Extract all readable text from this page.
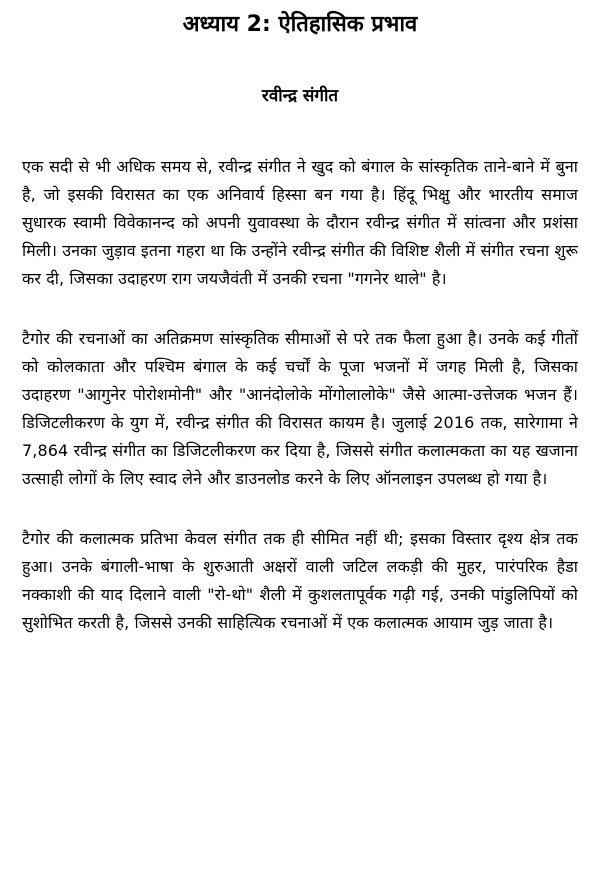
अध्याय 2: ऐतिहासिक प्रभाव
रवीन्द्र संगीत

एक सदी से भी अधिक समय से, रवीन्द्र संगीत ने खुद को बंगाल के सांस्कृतिक ताने-बाने में बुना है, जो इसकी विरासत का एक अनिवार्य हिस्सा बन गया है। हिंदू भिक्षु और भारतीय समाज सुधारक स्वामी विवेकानन्द को अपनी युवावस्था के दौरान रवीन्द्र संगीत में सांत्वना और प्रशंसा मिली। उनका जुड़ाव इतना गहरा था कि उन्होंने रवीन्द्र संगीत की विशिष्ट शैली में संगीत रचना शुरू कर दी, जिसका उदाहरण राग जयजैवंती में उनकी रचना "गगनेर थाले" है।

टैगोर की रचनाओं का अतिक्रमण सांस्कृतिक सीमाओं से परे तक फैला हुआ है। उनके कई गीतों को कोलकाता और पश्चिम बंगाल के कई चर्चों के पूजा भजनों में जगह मिली है, जिसका उदाहरण "आगुनेर पोरोशमोनी" और "आनंदोलोके मोंगोलालोके" जैसे आत्मा-उत्तेजक भजन हैं। डिजिटलीकरण के युग में, रवीन्द्र संगीत की विरासत कायम है। जुलाई 2016 तक, सारेगामा ने 7,864 रवीन्द्र संगीत का डिजिटलीकरण कर दिया है, जिससे संगीत कलात्मकता का यह खजाना उत्साही लोगों के लिए स्वाद लेने और डाउनलोड करने के लिए ऑनलाइन उपलब्ध हो गया है।

टैगोर की कलात्मक प्रतिभा केवल संगीत तक ही सीमित नहीं थी; इसका विस्तार दृश्य क्षेत्र तक हुआ। उनके बंगाली-भाषा के शुरुआती अक्षरों वाली जटिल लकड़ी की मुहर, पारंपरिक हैडा नक्काशी की याद दिलाने वाली "रो-थो" शैली में कुशलतापूर्वक गढ़ी गई, उनकी पांडुलिपियों को सुशोभित करती है, जिससे उनकी साहित्यिक रचनाओं में एक कलात्मक आयाम जुड़ जाता है।
